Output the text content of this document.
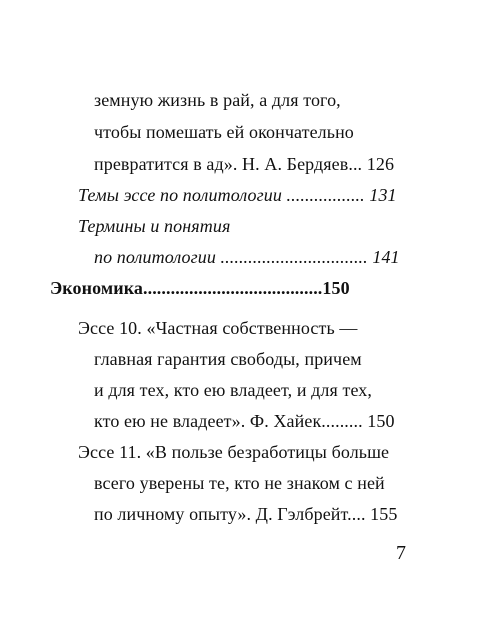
земную жизнь в рай, а для того,
чтобы помешать ей окончательно
превратится в ад». Н. А. Бердяев... 126
Темы эссе по политологии ................. 131
Термины и понятия
по политологии ................................ 141
Экономика.......................................150
Эссе 10. «Частная собственность —
главная гарантия свободы, причем
и для тех, кто ею владеет, и для тех,
кто ею не владеет». Ф. Хайек......... 150
Эссе 11. «В пользе безработицы больше
всего уверены те, кто не знаком с ней
по личному опыту». Д. Гэлбрейт.... 155
7
